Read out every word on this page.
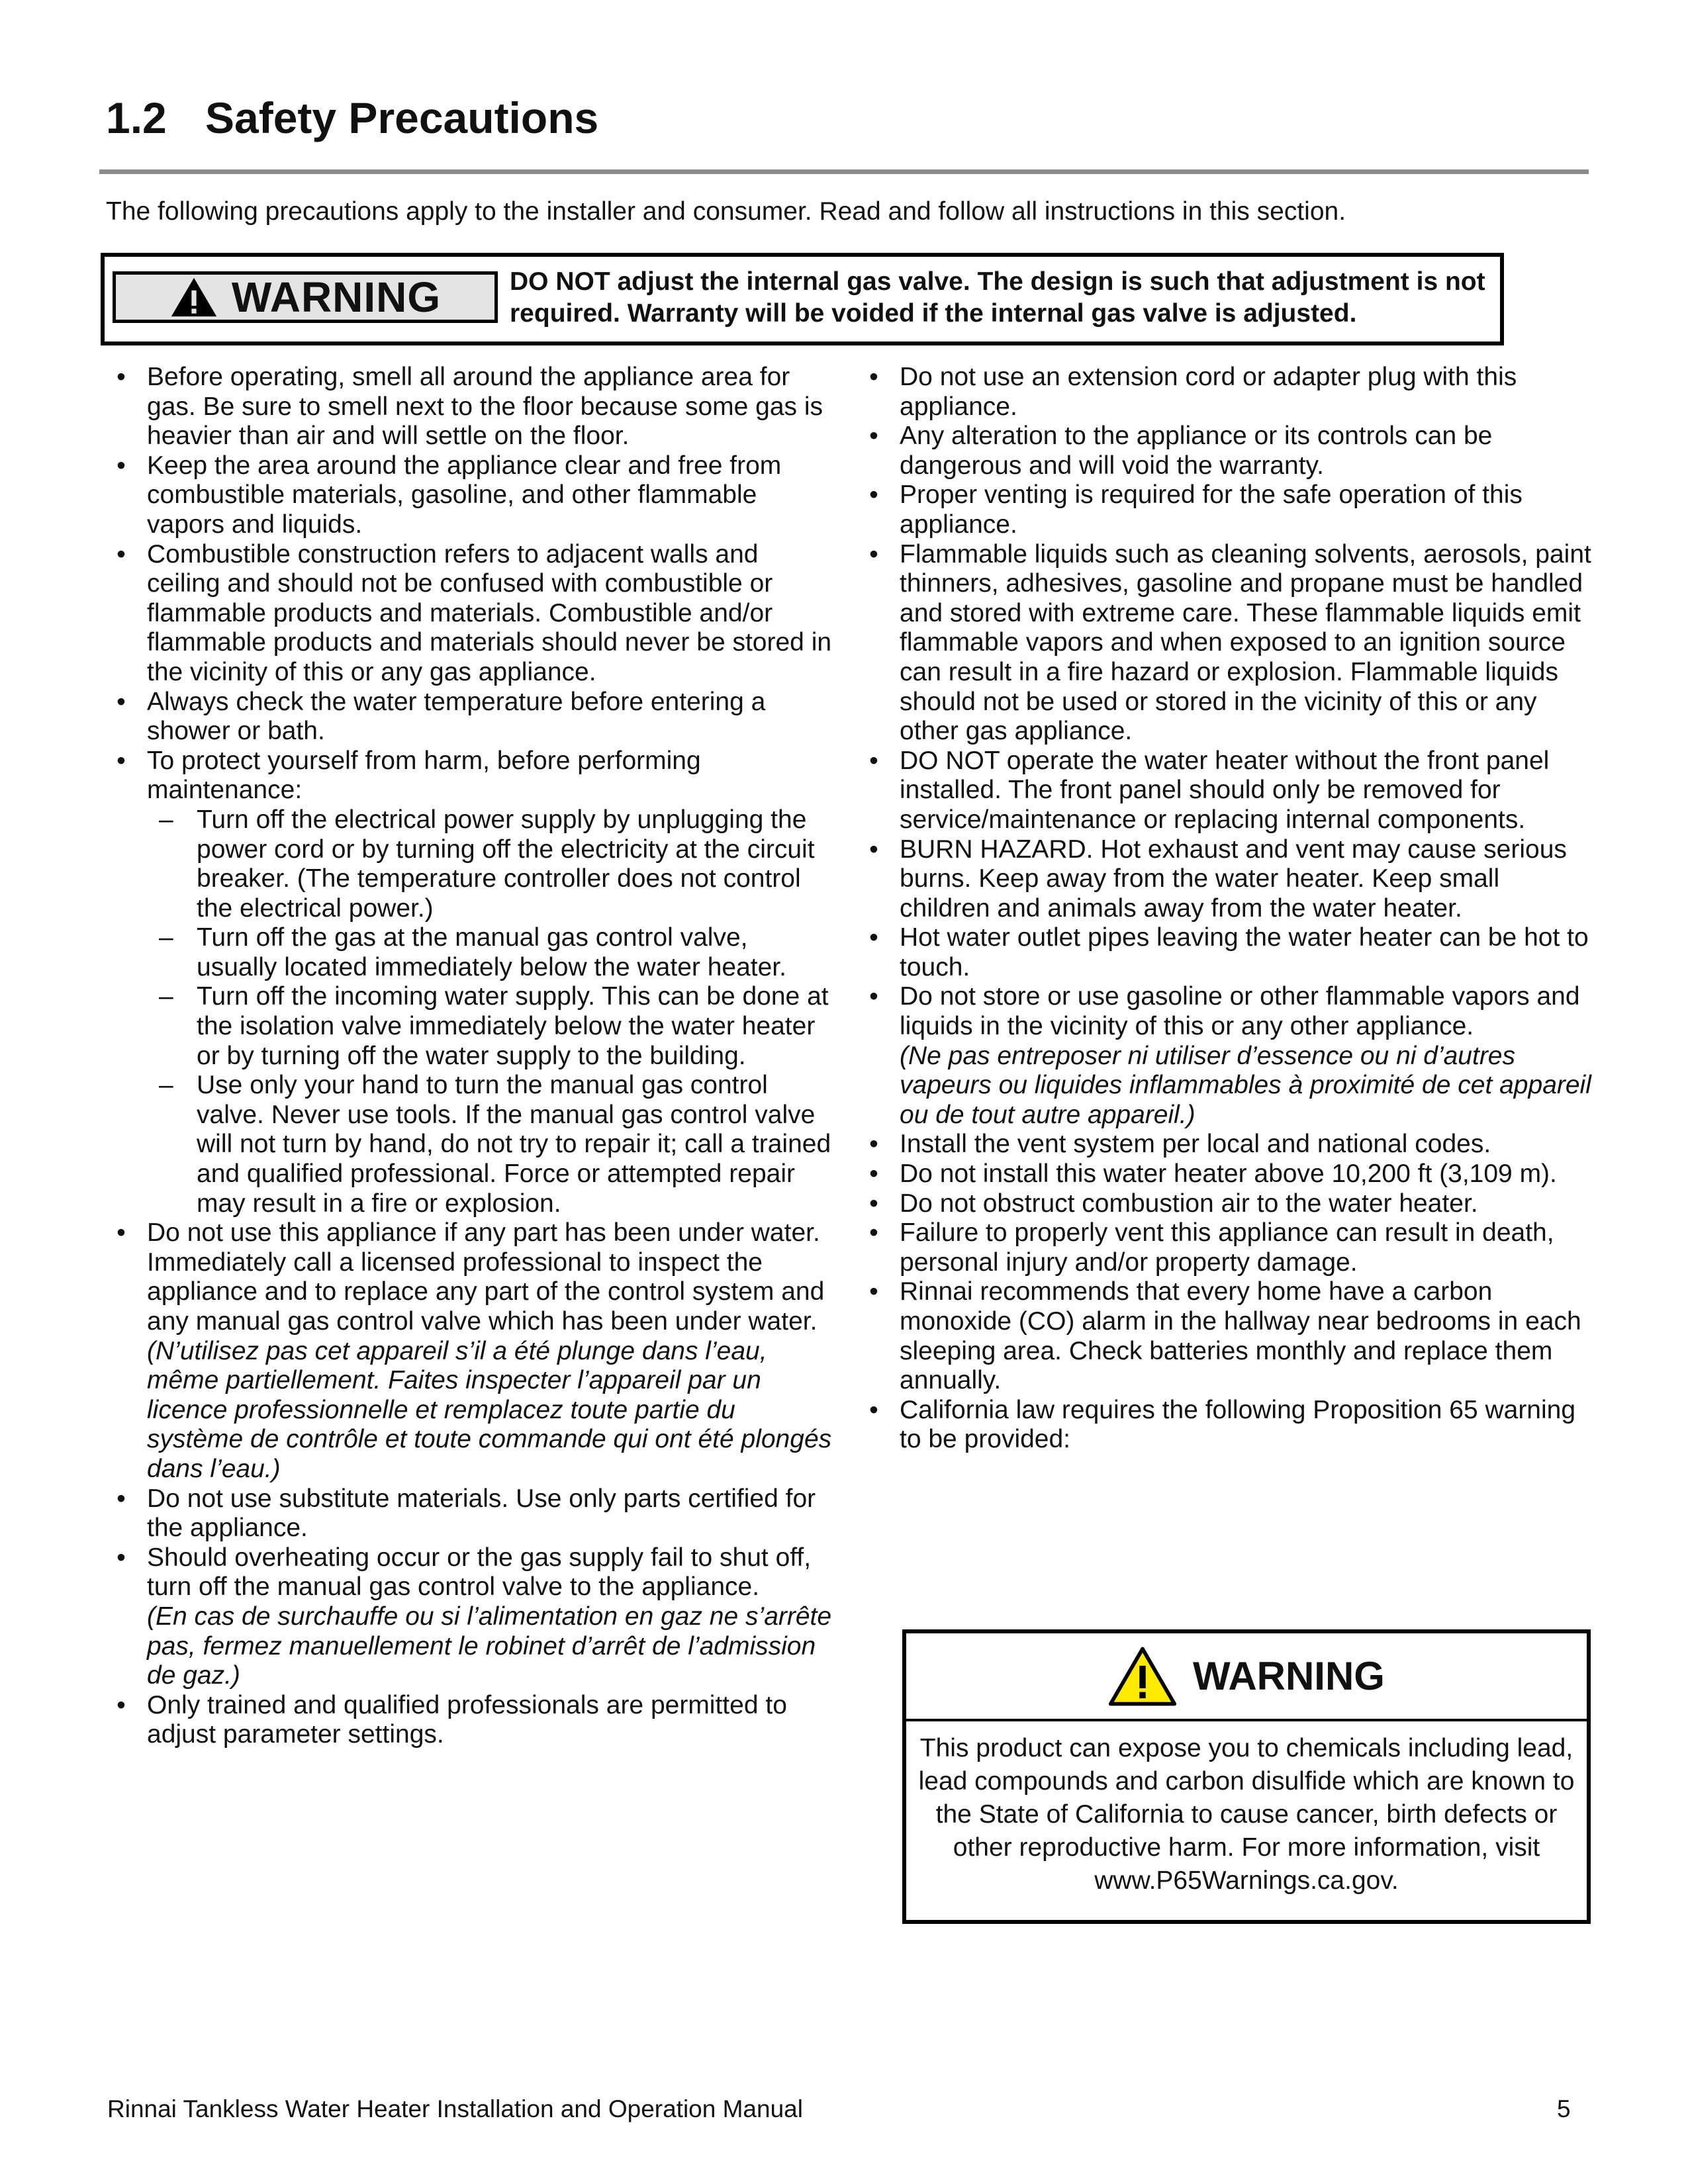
1.2 Safety Precautions

The following precautions apply to the installer and consumer. Read and follow all instructions in this section.

WARNING	DO NOT adjust the internal gas valve. The design is such that adjustment is not required. Warranty will be voided if the internal gas valve is adjusted.

• Before operating, smell all around the appliance area for gas. Be sure to smell next to the floor because some gas is heavier than air and will settle on the floor.
• Keep the area around the appliance clear and free from combustible materials, gasoline, and other flammable vapors and liquids.
• Combustible construction refers to adjacent walls and ceiling and should not be confused with combustible or flammable products and materials. Combustible and/or flammable products and materials should never be stored in the vicinity of this or any gas appliance.
• Always check the water temperature before entering a shower or bath.
• To protect yourself from harm, before performing maintenance:
– Turn off the electrical power supply by unplugging the power cord or by turning off the electricity at the circuit breaker. (The temperature controller does not control the electrical power.)
– Turn off the gas at the manual gas control valve, usually located immediately below the water heater.
– Turn off the incoming water supply. This can be done at the isolation valve immediately below the water heater or by turning off the water supply to the building.
– Use only your hand to turn the manual gas control valve. Never use tools. If the manual gas control valve will not turn by hand, do not try to repair it; call a trained and qualified professional. Force or attempted repair may result in a fire or explosion.
• Do not use this appliance if any part has been under water. Immediately call a licensed professional to inspect the appliance and to replace any part of the control system and any manual gas control valve which has been under water.
(N’utilisez pas cet appareil s’il a été plunge dans l’eau, même partiellement. Faites inspecter l’appareil par un licence professionnelle et remplacez toute partie du système de contrôle et toute commande qui ont été plongés dans l’eau.)
• Do not use substitute materials. Use only parts certified for the appliance.
• Should overheating occur or the gas supply fail to shut off, turn off the manual gas control valve to the appliance.
(En cas de surchauffe ou si l’alimentation en gaz ne s’arrête pas, fermez manuellement le robinet d’arrêt de l’admission de gaz.)
• Only trained and qualified professionals are permitted to adjust parameter settings.
• Do not use an extension cord or adapter plug with this appliance.
• Any alteration to the appliance or its controls can be dangerous and will void the warranty.
• Proper venting is required for the safe operation of this appliance.
• Flammable liquids such as cleaning solvents, aerosols, paint thinners, adhesives, gasoline and propane must be handled and stored with extreme care. These flammable liquids emit flammable vapors and when exposed to an ignition source can result in a fire hazard or explosion. Flammable liquids should not be used or stored in the vicinity of this or any other gas appliance.
• DO NOT operate the water heater without the front panel installed. The front panel should only be removed for service/maintenance or replacing internal components.
• BURN HAZARD. Hot exhaust and vent may cause serious burns. Keep away from the water heater. Keep small children and animals away from the water heater.
• Hot water outlet pipes leaving the water heater can be hot to touch.
• Do not store or use gasoline or other flammable vapors and liquids in the vicinity of this or any other appliance.
(Ne pas entreposer ni utiliser d’essence ou ni d’autres vapeurs ou liquides inflammables à proximité de cet appareil ou de tout autre appareil.)
• Install the vent system per local and national codes.
• Do not install this water heater above 10,200 ft (3,109 m).
• Do not obstruct combustion air to the water heater.
• Failure to properly vent this appliance can result in death, personal injury and/or property damage.
• Rinnai recommends that every home have a carbon monoxide (CO) alarm in the hallway near bedrooms in each sleeping area. Check batteries monthly and replace them annually.
• California law requires the following Proposition 65 warning to be provided:
WARNING

This product can expose you to chemicals including lead, lead compounds and carbon disulfide which are known to the State of California to cause cancer, birth defects or other reproductive harm. For more information, visit www.P65Warnings.ca.gov.

Rinnai Tankless Water Heater Installation and Operation Manual	5
